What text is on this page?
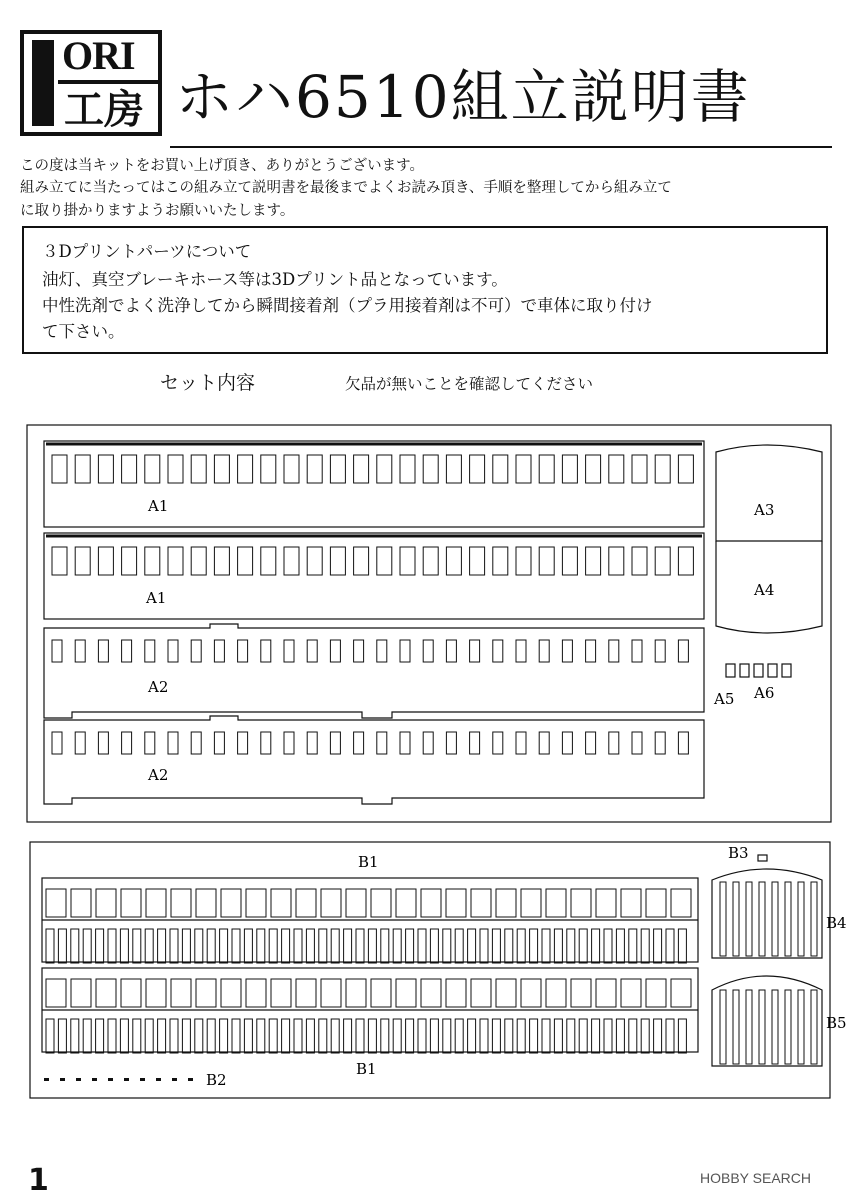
ORI
工房 ホハ6510組立説明書
この度は当キットをお買い上げ頂き、ありがとうございます。
組み立てに当たってはこの組み立て説明書を最後までよくお読み頂き、手順を整理してから組み立て
に取り掛かりますようお願いいたします。
３Dプリントパーツについて
油灯、真空ブレーキホース等は3Dプリント品となっています。
中性洗剤でよく洗浄してから瞬間接着剤（プラ用接着剤は不可）で車体に取り付け
て下さい。
セット内容	欠品が無いことを確認してください
A1
A1
A2
A2
A3
A4
A5 A6
B1
B1
B2
B3
B4
B5
1	HOBBY SEARCH
